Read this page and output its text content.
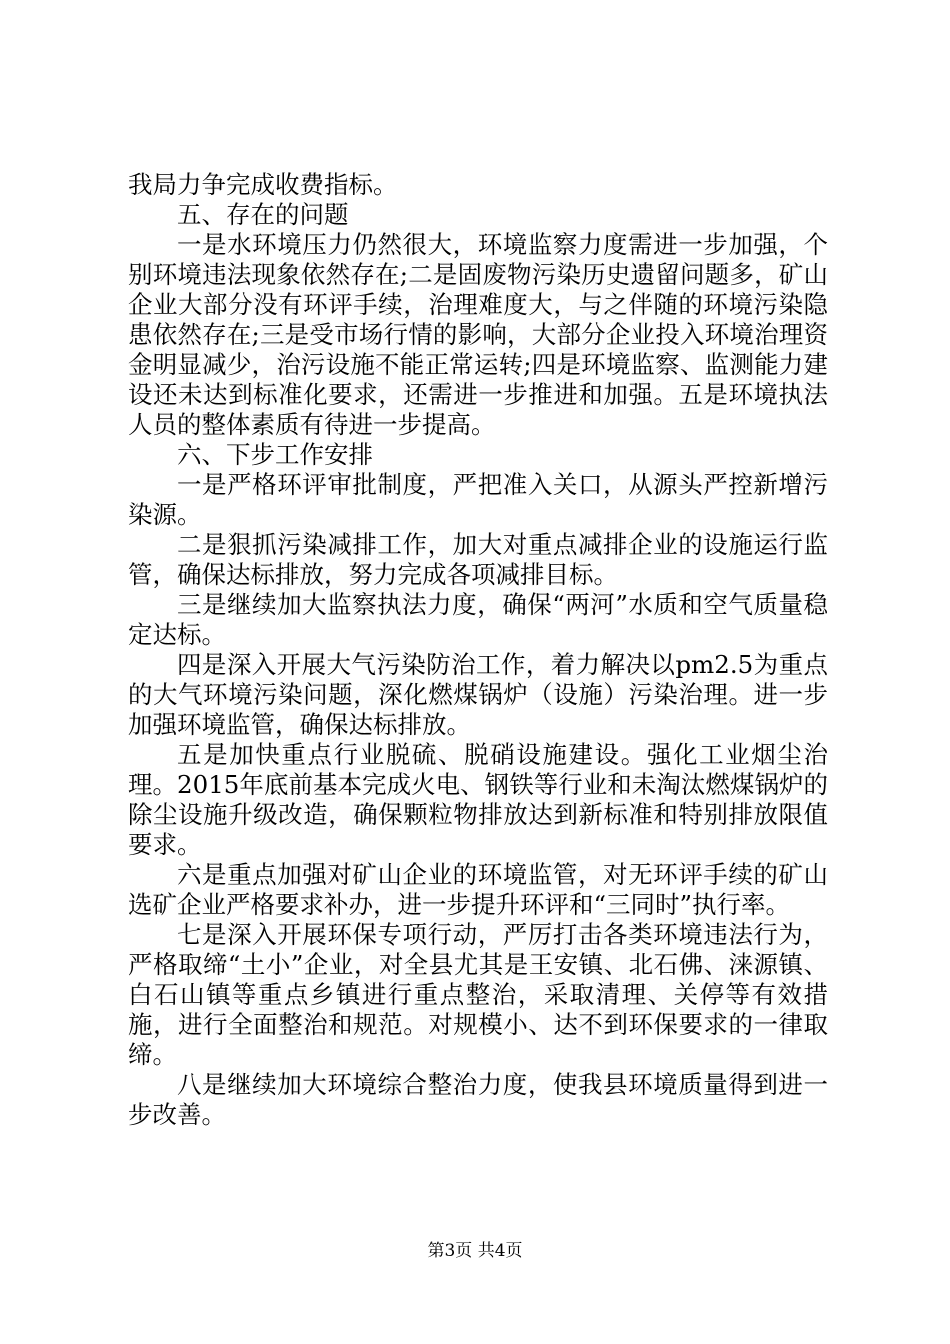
我局力争完成收费指标。

五、存在的问题

一是水环境压力仍然很大，环境监察力度需进一步加强，个别环境违法现象依然存在;二是固废物污染历史遗留问题多，矿山企业大部分没有环评手续，治理难度大，与之伴随的环境污染隐患依然存在;三是受市场行情的影响，大部分企业投入环境治理资金明显减少，治污设施不能正常运转;四是环境监察、监测能力建设还未达到标准化要求，还需进一步推进和加强。五是环境执法人员的整体素质有待进一步提高。

六、下步工作安排

一是严格环评审批制度，严把准入关口，从源头严控新增污染源。

二是狠抓污染减排工作，加大对重点减排企业的设施运行监管，确保达标排放，努力完成各项减排目标。

三是继续加大监察执法力度，确保“两河”水质和空气质量稳定达标。

四是深入开展大气污染防治工作，着力解决以pm2.5为重点的大气环境污染问题，深化燃煤锅炉（设施）污染治理。进一步加强环境监管，确保达标排放。

五是加快重点行业脱硫、脱硝设施建设。强化工业烟尘治理。2015年底前基本完成火电、钢铁等行业和未淘汰燃煤锅炉的除尘设施升级改造，确保颗粒物排放达到新标准和特别排放限值要求。

六是重点加强对矿山企业的环境监管，对无环评手续的矿山选矿企业严格要求补办，进一步提升环评和“三同时”执行率。

七是深入开展环保专项行动，严厉打击各类环境违法行为，严格取缔“土小”企业，对全县尤其是王安镇、北石佛、涞源镇、白石山镇等重点乡镇进行重点整治，采取清理、关停等有效措施，进行全面整治和规范。对规模小、达不到环保要求的一律取缔。

八是继续加大环境综合整治力度，使我县环境质量得到进一步改善。

第3页 共4页
